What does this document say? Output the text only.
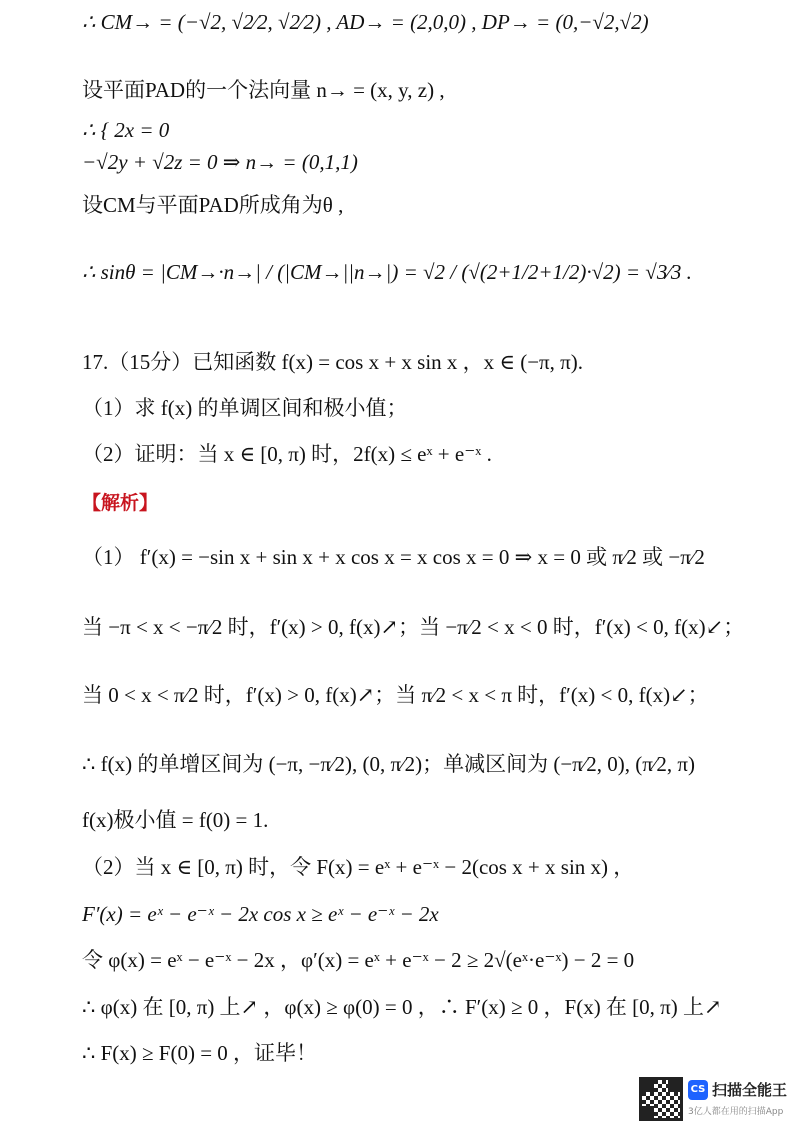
∴ CM→ = (−√2, √2⁄2, √2⁄2) , AD→ = (2,0,0) , DP→ = (0,−√2,√2)
设平面PAD的一个法向量 n→ = (x, y, z) ,
∴ { 2x = 0
−√2y + √2z = 0 ⇒ n→ = (0,1,1)
设CM与平面PAD所成角为θ ,
∴ sinθ = |CM→·n→| / (|CM→||n→|) = √2 / (√(2+1/2+1/2)·√2) = √3⁄3 .
17.（15分）已知函数 f(x) = cos x + x sin x ，x ∈ (−π, π).
（1）求 f(x) 的单调区间和极小值；
（2）证明：当 x ∈ [0, π) 时，2f(x) ≤ eˣ + e⁻ˣ .
（1） f′(x) = −sin x + sin x + x cos x = x cos x = 0 ⇒ x = 0 或 π⁄2 或 −π⁄2
当 −π < x < −π⁄2 时，f′(x) > 0, f(x)↗；当 −π⁄2 < x < 0 时，f′(x) < 0, f(x)↙；
当 0 < x < π⁄2 时，f′(x) > 0, f(x)↗；当 π⁄2 < x < π 时，f′(x) < 0, f(x)↙；
∴ f(x) 的单增区间为 (−π, −π⁄2), (0, π⁄2)；单减区间为 (−π⁄2, 0), (π⁄2, π)
f(x)极小值 = f(0) = 1.
（2）当 x ∈ [0, π) 时，令 F(x) = eˣ + e⁻ˣ − 2(cos x + x sin x) ，
F′(x) = eˣ − e⁻ˣ − 2x cos x ≥ eˣ − e⁻ˣ − 2x
令 φ(x) = eˣ − e⁻ˣ − 2x ，φ′(x) = eˣ + e⁻ˣ − 2 ≥ 2√(eˣ·e⁻ˣ) − 2 = 0
∴ φ(x) 在 [0, π) 上↗ ，φ(x) ≥ φ(0) = 0 ，∴ F′(x) ≥ 0 ，F(x) 在 [0, π) 上↗
∴ F(x) ≥ F(0) = 0 ，证毕！
【解析】
CS 扫描全能王
3亿人都在用的扫描App
